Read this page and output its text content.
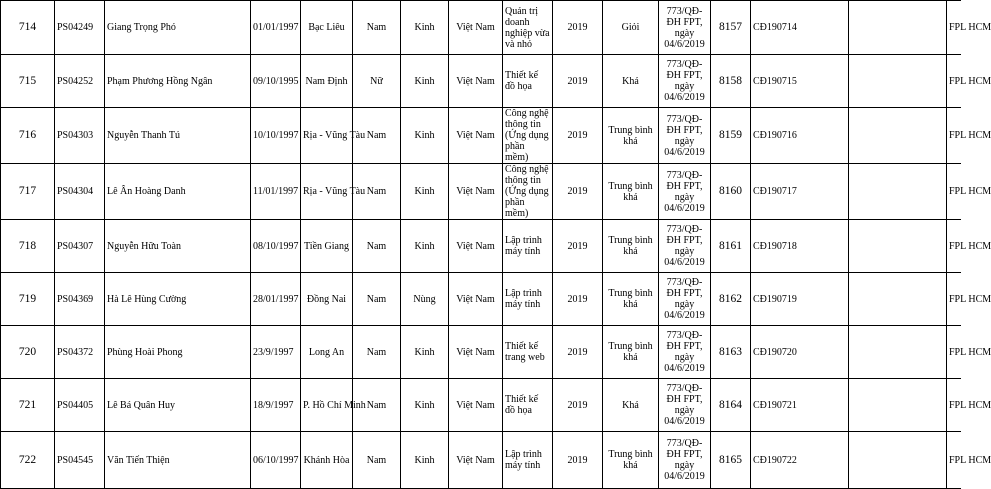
714	PS04249	Giang Trọng Phó	01/01/1997	Bạc Liêu	Nam	Kinh	Việt Nam	Quản trị doanh nghiệp vừa và nhỏ	2019	Giỏi	773/QĐ-ĐH FPT, ngày 04/6/2019	8157	CĐ190714		FPL HCM
715	PS04252	Phạm Phương Hồng Ngân	09/10/1995	Nam Định	Nữ	Kinh	Việt Nam	Thiết kế đồ họa	2019	Khá	773/QĐ-ĐH FPT, ngày 04/6/2019	8158	CĐ190715		FPL HCM
716	PS04303	Nguyễn Thanh Tú	10/10/1997	Rịa - Vũng Tàu	Nam	Kinh	Việt Nam	Công nghệ thông tin (Ứng dụng phần mềm)	2019	Trung bình khá	773/QĐ-ĐH FPT, ngày 04/6/2019	8159	CĐ190716		FPL HCM
717	PS04304	Lê Ân Hoàng Danh	11/01/1997	Rịa - Vũng Tàu	Nam	Kinh	Việt Nam	Công nghệ thông tin (Ứng dụng phần mềm)	2019	Trung bình khá	773/QĐ-ĐH FPT, ngày 04/6/2019	8160	CĐ190717		FPL HCM
718	PS04307	Nguyễn Hữu Toàn	08/10/1997	Tiền Giang	Nam	Kinh	Việt Nam	Lập trình máy tính	2019	Trung bình khá	773/QĐ-ĐH FPT, ngày 04/6/2019	8161	CĐ190718		FPL HCM
719	PS04369	Hà Lê Hùng Cường	28/01/1997	Đồng Nai	Nam	Nùng	Việt Nam	Lập trình máy tính	2019	Trung bình khá	773/QĐ-ĐH FPT, ngày 04/6/2019	8162	CĐ190719		FPL HCM
720	PS04372	Phùng Hoài Phong	23/9/1997	Long An	Nam	Kinh	Việt Nam	Thiết kế trang web	2019	Trung bình khá	773/QĐ-ĐH FPT, ngày 04/6/2019	8163	CĐ190720		FPL HCM
721	PS04405	Lê Bá Quân Huy	18/9/1997	P. Hồ Chí Minh	Nam	Kinh	Việt Nam	Thiết kế đồ họa	2019	Khá	773/QĐ-ĐH FPT, ngày 04/6/2019	8164	CĐ190721		FPL HCM
722	PS04545	Văn Tiến Thiện	06/10/1997	Khánh Hòa	Nam	Kinh	Việt Nam	Lập trình máy tính	2019	Trung bình khá	773/QĐ-ĐH FPT, ngày 04/6/2019	8165	CĐ190722		FPL HCM
